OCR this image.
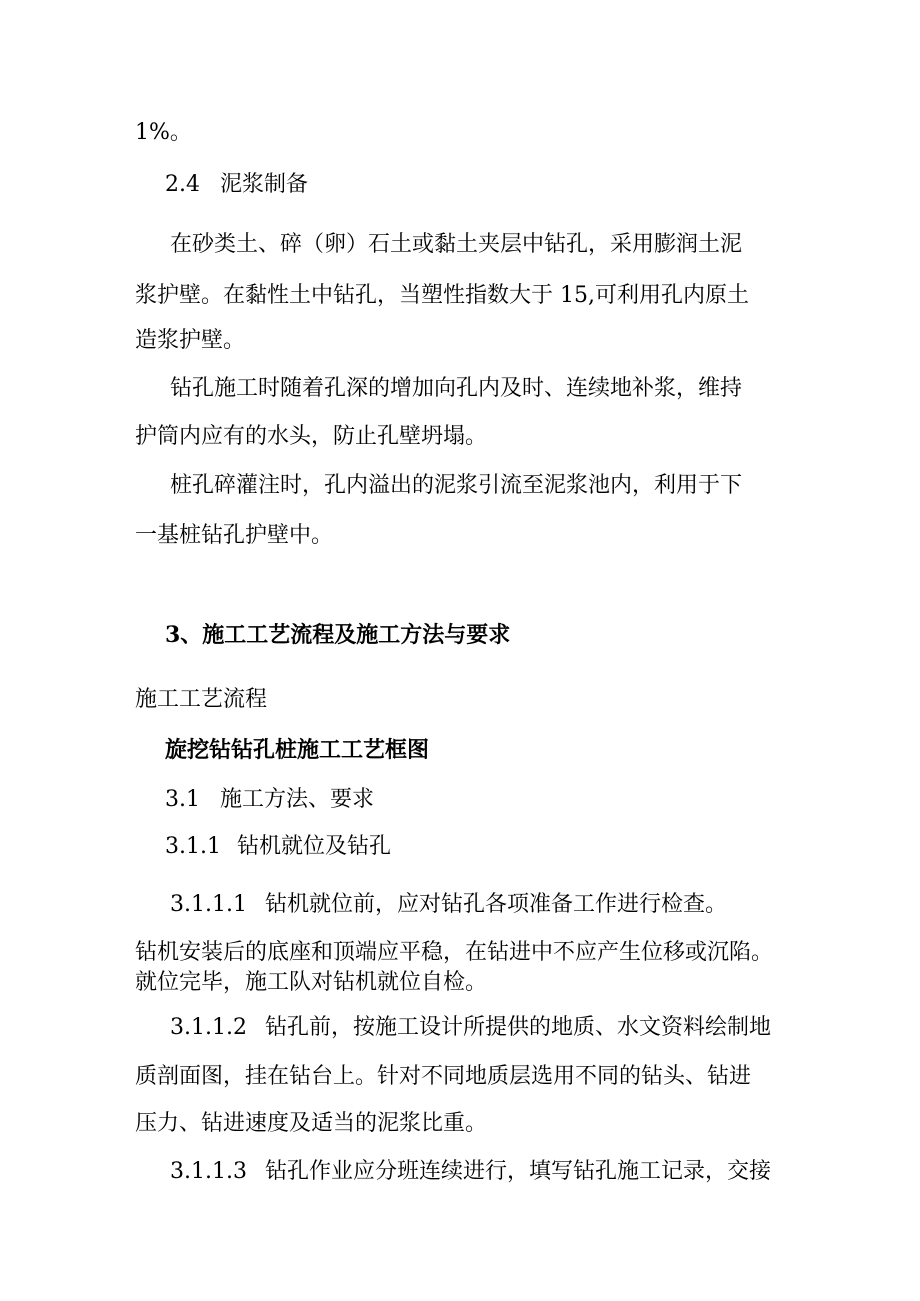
1%。
2.4 泥浆制备
在砂类土、碎（卵）石土或黏土夹层中钻孔，采用膨润土泥
浆护壁。在黏性土中钻孔，当塑性指数大于 15,可利用孔内原土
造浆护壁。
钻孔施工时随着孔深的增加向孔内及时、连续地补浆，维持
护筒内应有的水头，防止孔壁坍塌。
桩孔碎灌注时，孔内溢出的泥浆引流至泥浆池内，利用于下
一基桩钻孔护壁中。
3、施工工艺流程及施工方法与要求
施工工艺流程
旋挖钻钻孔桩施工工艺框图
3.1 施工方法、要求
3.1.1 钻机就位及钻孔
3.1.1.1 钻机就位前，应对钻孔各项准备工作进行检查。
钻机安装后的底座和顶端应平稳，在钻进中不应产生位移或沉陷。
就位完毕，施工队对钻机就位自检。
3.1.1.2 钻孔前，按施工设计所提供的地质、水文资料绘制地
质剖面图，挂在钻台上。针对不同地质层选用不同的钻头、钻进
压力、钻进速度及适当的泥浆比重。
3.1.1.3 钻孔作业应分班连续进行，填写钻孔施工记录，交接
